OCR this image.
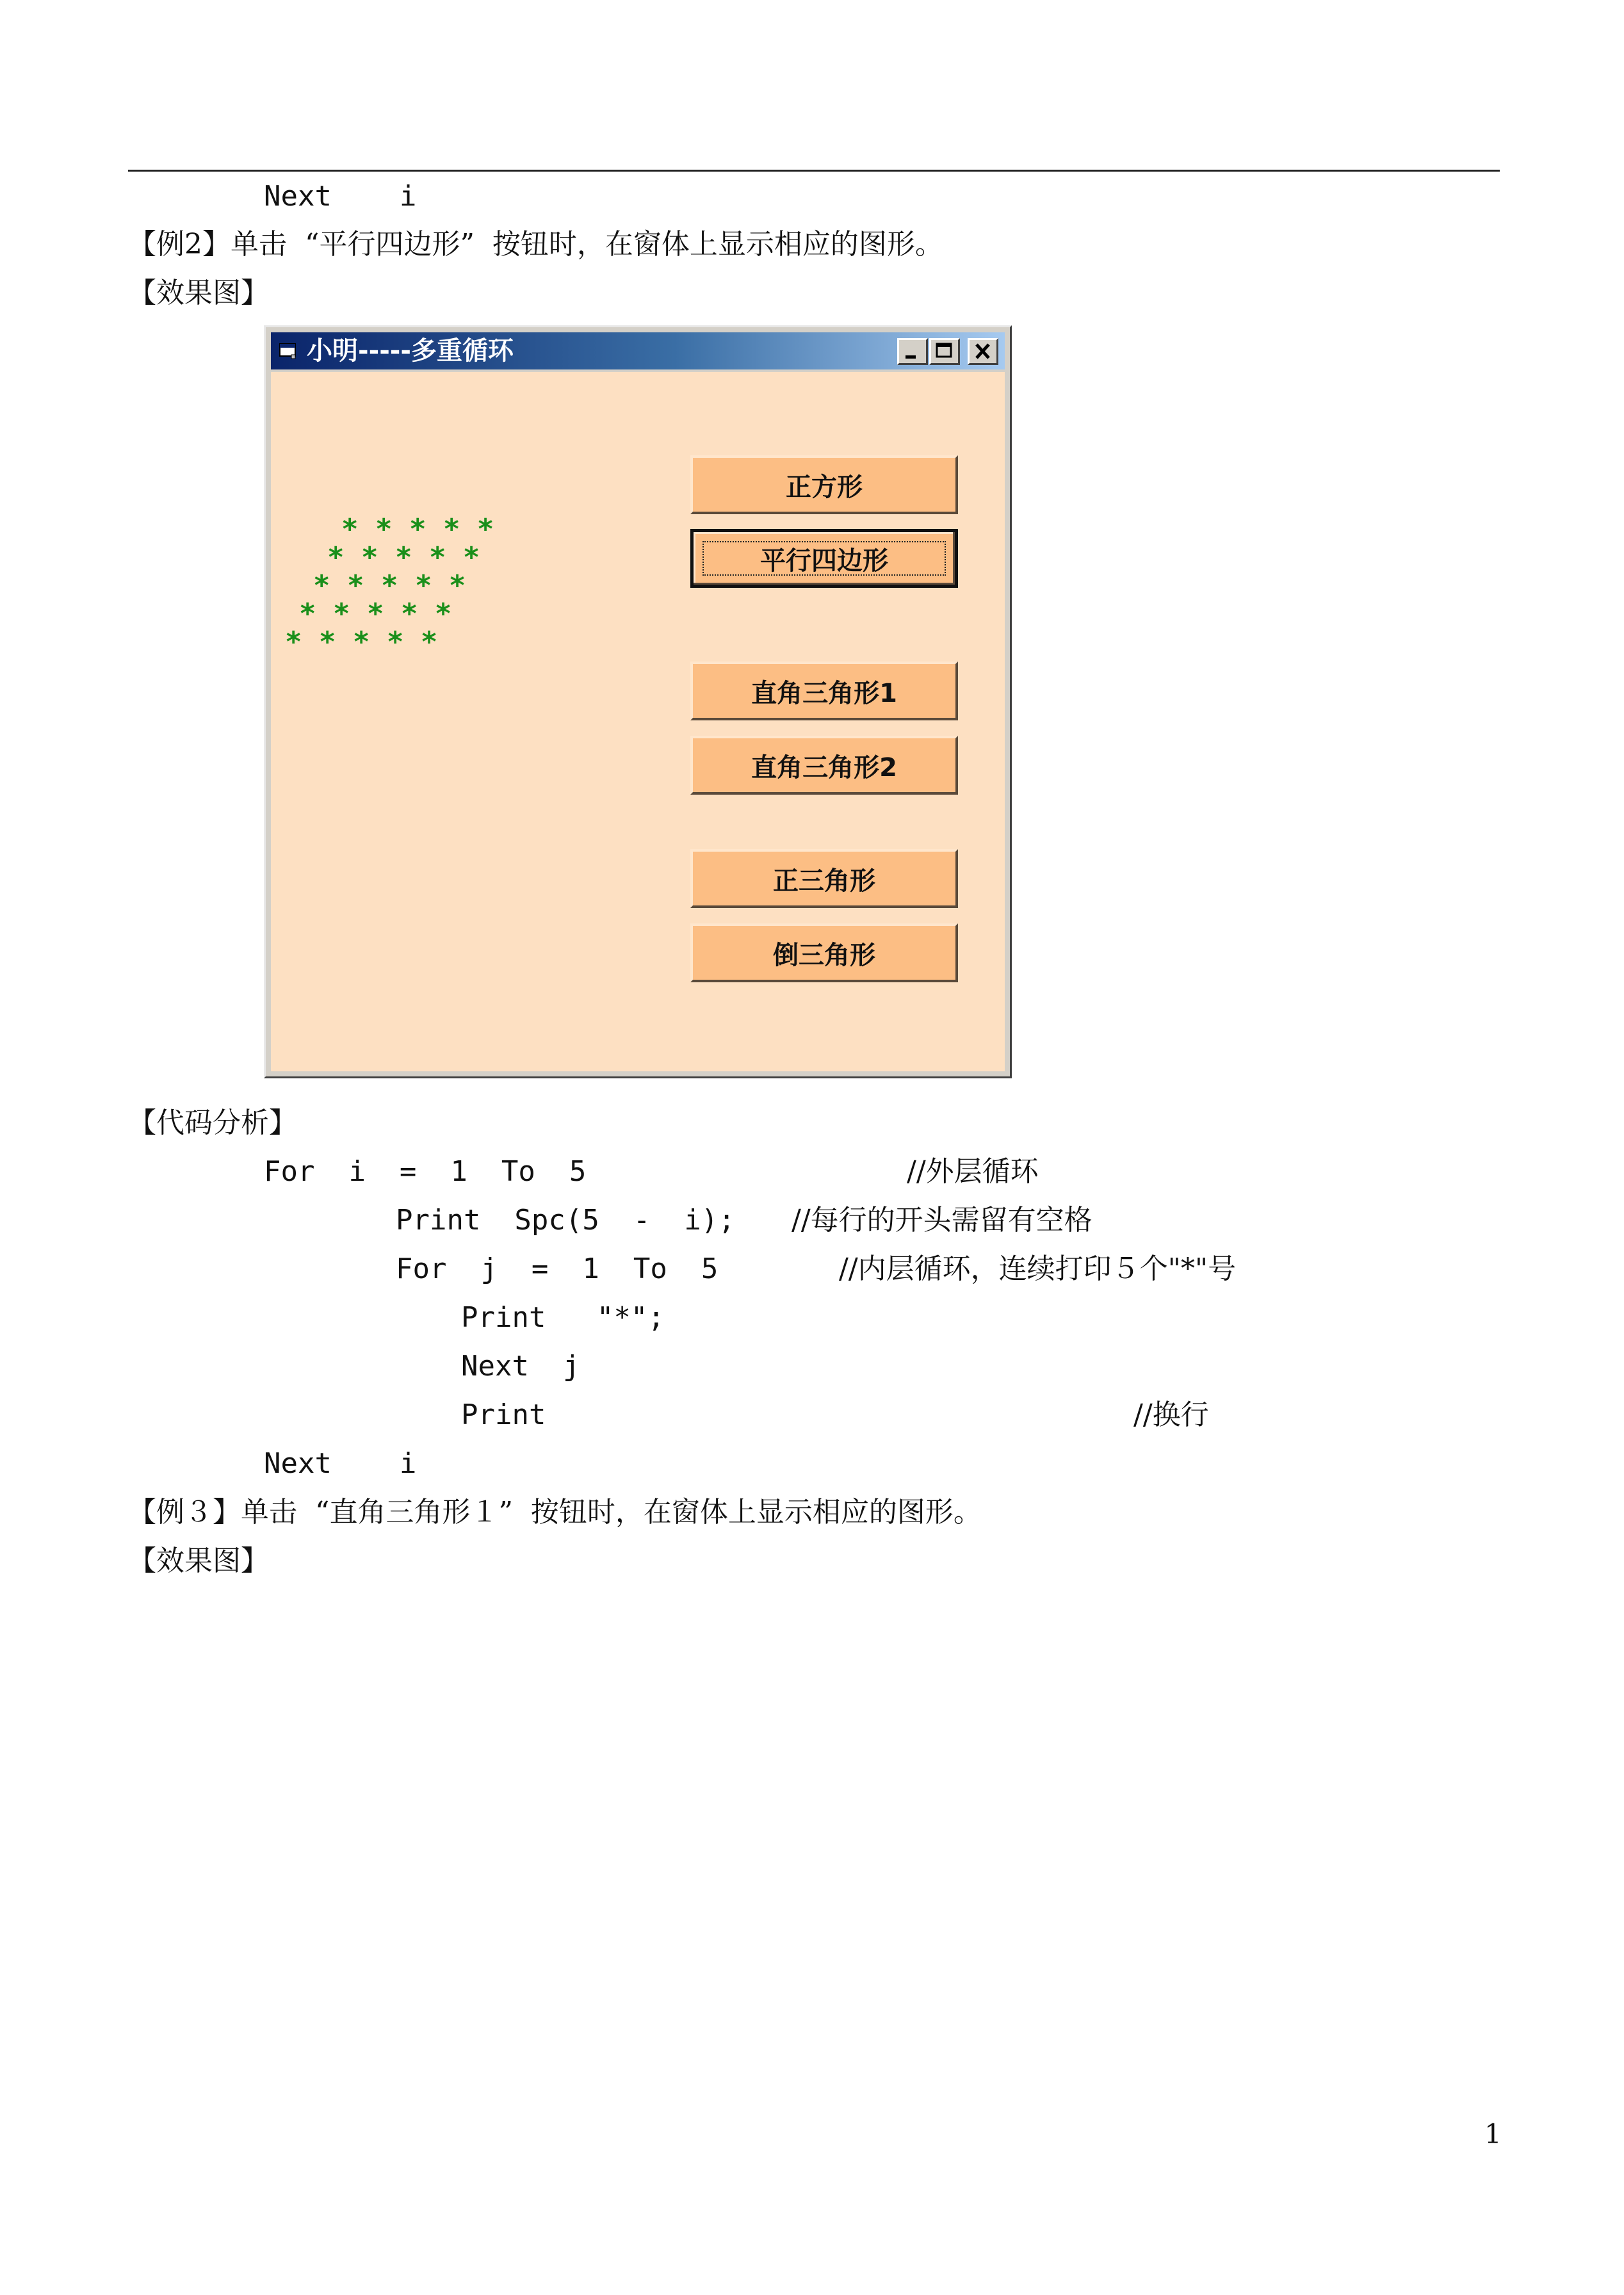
Next    i
【例2】单击  “平行四边形”  按钮时，在窗体上显示相应的图形。
【效果图】
小明-----多重循环
* * * * *
* * * * *
* * * * *
* * * * *
* * * * *
正方形
平行四边形
直角三角形1
直角三角形2
正三角形
倒三角形
【代码分析】
For  i  =  1  To  5	//外层循环
Print  Spc(5  -  i); //每行的开头需留有空格
For  j  =  1  To  5	//内层循环，连续打印５个"*"号
Print   "*";
Next  j
Print	//换行
Next    i
【例３】单击  “直角三角形１”  按钮时，在窗体上显示相应的图形。
【效果图】
1
